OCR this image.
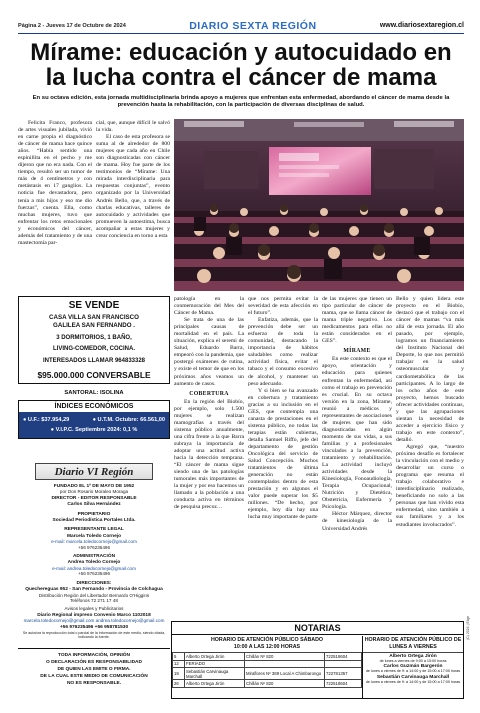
Página 2 - Jueves 17 de Octubre de 2024	DIARIO SEXTA REGIÓN	www.diariosextaregion.cl
Mírame: educación y autocuidado en la lucha contra el cáncer de mama
En su octava edición, esta jornada multidisciplinaria brinda apoyo a mujeres que enfrentan esta enfermedad, abordando el cáncer de mama desde la prevención hasta la rehabilitación, con la participación de diversas disciplinas de salud.

Felicita Franco, profesora de artes visuales jubilada, vivió en carne propia el diagnóstico de cáncer de mama hace quince años. “Había sentido una espinillita en el pecho y me dijeron que no era nada. Con el tiempo, resultó ser un tumor de más de 4 centímetros y con metástasis en 17 ganglios. La noticia fue devastadora, pero tenía a mis hijos y eso me dio fuerzas”, cuenta. Ella, como muchas mujeres, tuvo que enfrentar los retos emocionales y económicos del cáncer, además del tratamiento y de una mastectomía par-

cial, que, aunque difícil le salvó la vida.

El caso de esta profesora se suma al de alrededor de 800 mujeres que cada año en Chile son diagnosticadas con cáncer de mama. Hoy fue parte de los testimonios de “Mírame: Una mirada interdisciplinaria para respuestas conjuntas”, evento organizado por la Universidad Andrés Bello, que, a través de charlas educativas, talleres de autocuidado y actividades que promueven la autoestima, busca acompañar a estas mujeres y crear conciencia en torno a esta

patología en la conmemoración del Mes del Cáncer de Mama.

Se trata de una de las principales causas de mortalidad en el país. La situación, explica el seremi de Salud, Eduardo Barra, empeoró con la pandemia, que postergó exámenes de rutina, y existe el temor de que en los próximos años veamos un aumento de casos.

COBERTURA

En la región del Biobío, por ejemplo, solo 1.500 mujeres se realizan mamografías a través del sistema público anualmente, una cifra frente a la que Barra subraya la importancia de adoptar una actitud activa hacia la detección temprana. “El cáncer de mama sigue siendo una de las patologías tumorales más importantes de la mujer y por eso hacemos un llamado a la población a una conducta activa en términos de pesquisa precoz…

que nos permita evitar la severidad de esta afección en el futuro”.

Enfatiza, además, que la prevención debe ser un esfuerzo de toda la comunidad, destacando la importancia de hábitos saludables como realizar actividad física, evitar el tabaco y el consumo excesivo de alcohol, y mantener un peso adecuado.

Y si bien se ha avanzado en cobertura y tratamiento gracias a su inclusión en el GES, que contempla una canasta de prestaciones en el sistema público, no todas las terapias están cubiertas, detalla Samuel Riffo, jefe del departamento de gestión Oncológica del servicio de Salud Concepción. Muchos tratamientos de última generación no están contemplados dentro de esta prestación y en algunos el valor puede superar los $5 millones. “De hecho, por ejemplo, hoy día hay una lucha muy importante de parte

de las mujeres que tienen un tipo particular de cáncer de mama, que se llama cáncer de mama triple negativo. Los medicamentos para ellas no están considerados en el GES”.

MÍRAME

En este contexto es que el apoyo, orientación y educación para quienes enfrentan la enfermedad, así como el trabajo en prevención es crucial. En su octava versión en la zona, Mírame, reunió a médicos y representantes de asociaciones de mujeres que han sido diagnosticadas en algún momento de sus vidas, a sus familias y a profesionales vinculados a la prevención, tratamiento y rehabilitación. La actividad incluyó actividades desde la Kinesiología, Fonoaudiología, Terapia Ocupacional, Nutrición y Dietética, Obstetricia, Enfermería y Psicología.

Héctor Márquez, director de kinesiología de la Universidad Andrés

Bello y quien lidera este proyecto en el Biobío, destacó que el trabajo con el cáncer de mamas “va más allá de esta jornada. El año pasado, por ejemplo, logramos un financiamiento del Instituto Nacional del Deporte, lo que nos permitió trabajar en la salud osteomuscular y cardiometabólica de las participantes. A lo largo de los ocho años de este proyecto, hemos buscado ofrecer actividades continuas, y que las agrupaciones sientan la necesidad de acceder a ejercicio físico y trabajo en este contexto”, detalló.

Agregó que, “nuestro próximo desafío es fortalecer la vinculación con el medio y desarrollar un curso o programa que resuma el trabajo colaborativo e interdisciplinario realizado, beneficiando no solo a las personas que han vivido esta enfermedad, sino también a sus familiares y a los estudiantes involucrados”.

SE VENDE
CASA VILLA SAN FRANCISCO
GALILEA SAN FERNANDO .
3 DORMITORIOS, 1 BAÑO,
LIVING-COMEDOR, COCINA.
INTERESADOS LLAMAR 964833328
$95.000.000 CONVERSABLE
SANTORAL: ISOLINA
ÍNDICES ECONÓMICOS
● U.F.: $37.954,29	● U.T.M. Octubre: 66.561,00
● V.I.P.C. Septiembre 2024: 0,1 %
Diario VI Región
FUNDADO EL 1º DE MAYO DE 1952
por Don Rosario Moraleo Moraga
DIRECTOR - EDITOR RESPONSABLE
Carlos Silva Hernández
PROPIETARIO
Sociedad Periodística Portales Ltda.
REPRESENTANTE LEGAL
Marcela Toledo Cornejo
e-mail: marcela.toledocornejo@gmail.com
+56 976235496
ADMINISTRACIÓN
Andrea Toledo Cornejo
e-mail: andrea.toledocornejo@gmail.com
+56 976235496
DIRECCIONES:
Quechereguas 952 - San Fernando - Provincia de Colchagua
Distribución Región del Libertador Bernardo O'Higgins
Teléfonos 72 271 17 48
Avisos legales y Publicitarios
Diario Regional impreso Convenio Marco 1102018
marcela.toledocornejo@gmail.com andrea.toledocornejo@gmail.com
+56 976235496 +56 958781530
Se autoriza la reproducción total o parcial de la información de este medio, siendo citada, indicando la fuente.
TODA INFORMACIÓN, OPINIÓN
O DECLARACIÓN ES RESPONSABILIDAD
DE QUIEN LAS EMITE O FIRMA.
DE LA CUAL ESTE MEDIO DE COMUNICACIÓN
NO ES RESPONSABLE.
NOTARIAS
HORARIO DE ATENCIÓN PÚBLICO SÁBADO
10:00 A LAS 12:00 HORAS
5	Alberto Ortega Jirón	Chillán Nº 820	722518604
12	FERIADO		
19	Sebastián Carvinauga Marchall	Miraflores Nº 389 Local A Chimbarongo	722781357
26	Alberto Ortega Jirón	Chillán Nº 820	722518604
HORARIO DE ATENCIÓN PÚBLICO DE
LUNES A VIERNES
Alberto Ortega Jirón
de lunes a viernes de 9:00 a 15:00 horas
Carlos Guzmán Bargerón
de lunes a viernes de 9: a 14:00 y de 15:00 a 17:00 horas
Sebastián Carvinauga Marchall
de lunes a viernes de 9: a 14:00 y de 15:00 a 17:00 horas
(C) 2024 | Elige
